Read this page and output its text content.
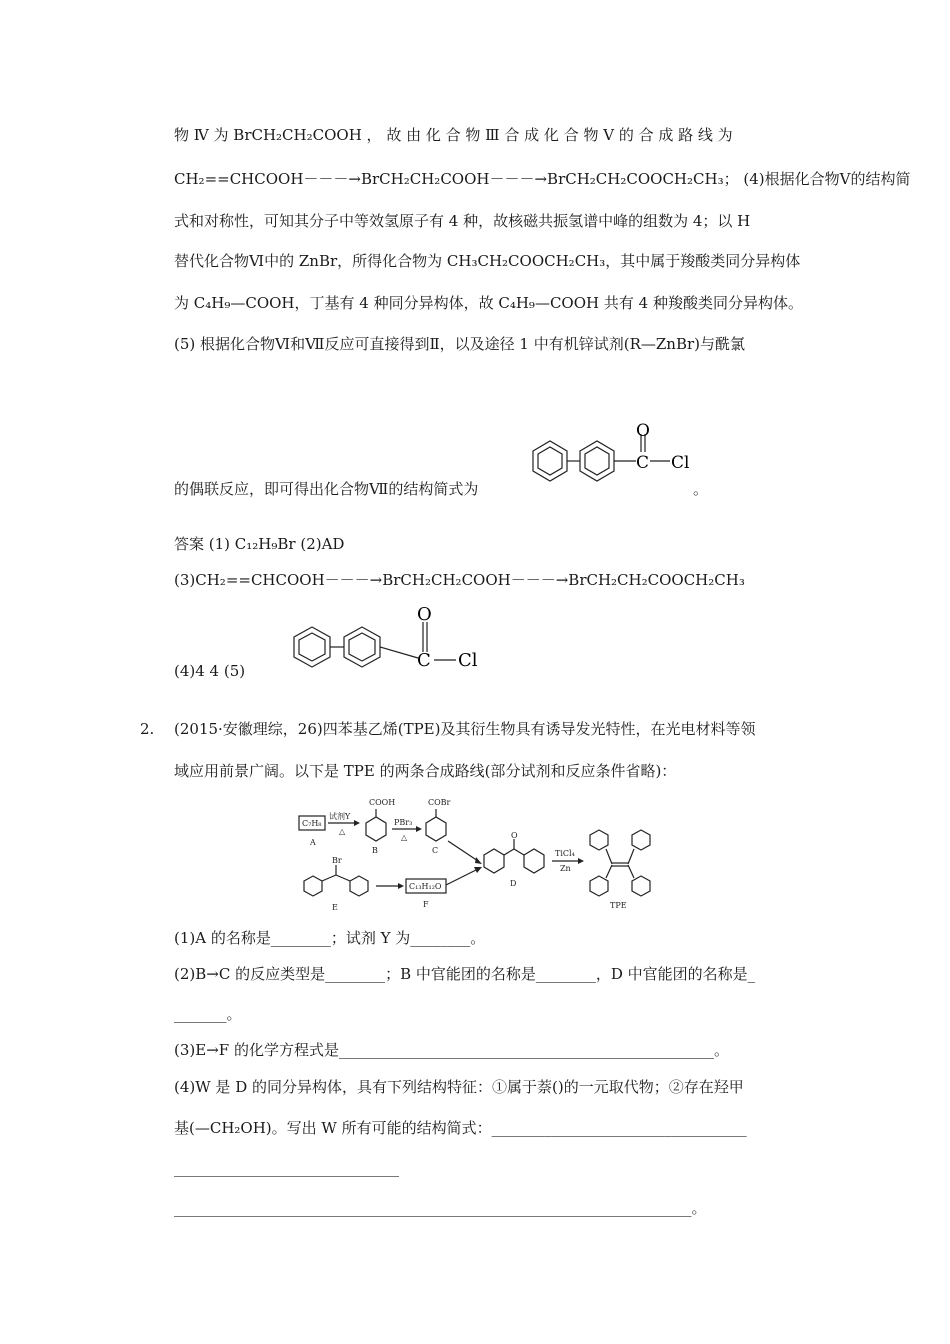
物 Ⅳ 为 BrCH₂CH₂COOH ， 故 由 化 合 物 Ⅲ 合 成 化 合 物 Ⅴ 的 合 成 路 线 为
CH₂==CHCOOH－－－→BrCH₂CH₂COOH－－－→BrCH₂CH₂COOCH₂CH₃； (4)根据化合物Ⅴ的结构简
式和对称性，可知其分子中等效氢原子有 4 种，故核磁共振氢谱中峰的组数为 4；以 H
替代化合物Ⅵ中的 ZnBr，所得化合物为 CH₃CH₂COOCH₂CH₃，其中属于羧酸类同分异构体
为 C₄H₉—COOH，丁基有 4 种同分异构体，故 C₄H₉—COOH 共有 4 种羧酸类同分异构体。
(5) 根据化合物Ⅵ和Ⅶ反应可直接得到Ⅱ，以及途径 1 中有机锌试剂(R—ZnBr)与酰氯
的偶联反应，即可得出化合物Ⅶ的结构简式为	。
O
C Cl
答案 (1) C₁₂H₉Br (2)AD
(3)CH₂==CHCOOH－－－→BrCH₂CH₂COOH－－－→BrCH₂CH₂COOCH₂CH₃
(4)4 4 (5)
O
C Cl
2. (2015·安徽理综，26)四苯基乙烯(TPE)及其衍生物具有诱导发光特性，在光电材料等领
域应用前景广阔。以下是 TPE 的两条合成路线(部分试剂和反应条件省略)：
C₇H₈
A
试剂Y
△
COOH
B
PBr₃
△
COBr
C
O
D
TiCl₄
Zn
TPE
Br
E
C₁₃H₁₂O
F
(1)A 的名称是________；试剂 Y 为________。
(2)B→C 的反应类型是________；B 中官能团的名称是________，D 中官能团的名称是_
_______。
(3)E→F 的化学方程式是__________________________________________________。
(4)W 是 D 的同分异构体，具有下列结构特征：①属于萘()的一元取代物；②存在羟甲
基(—CH₂OH)。写出 W 所有可能的结构简式：__________________________________
______________________________
_____________________________________________________________________。
